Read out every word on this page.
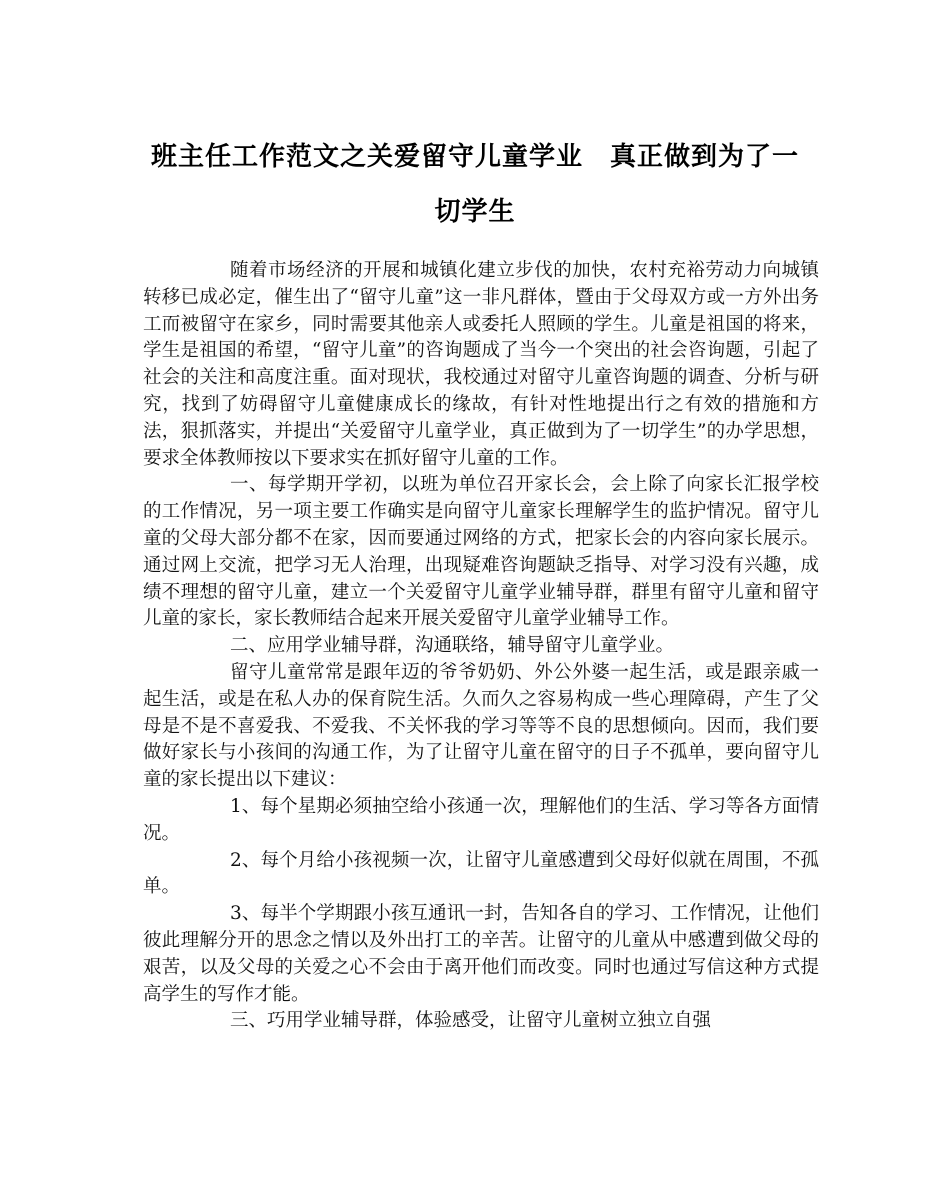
班主任工作范文之关爱留守儿童学业　真正做到为了一
切学生

随着市场经济的开展和城镇化建立步伐的加快，农村充裕劳动力向城镇转移已成必定，催生出了“留守儿童”这一非凡群体，暨由于父母双方或一方外出务工而被留守在家乡，同时需要其他亲人或委托人照顾的学生。儿童是祖国的将来，学生是祖国的希望，“留守儿童”的咨询题成了当今一个突出的社会咨询题，引起了社会的关注和高度注重。面对现状，我校通过对留守儿童咨询题的调查、分析与研究，找到了妨碍留守儿童健康成长的缘故，有针对性地提出行之有效的措施和方法，狠抓落实，并提出“关爱留守儿童学业，真正做到为了一切学生”的办学思想，要求全体教师按以下要求实在抓好留守儿童的工作。

一、每学期开学初，以班为单位召开家长会，会上除了向家长汇报学校的工作情况，另一项主要工作确实是向留守儿童家长理解学生的监护情况。留守儿童的父母大部分都不在家，因而要通过网络的方式，把家长会的内容向家长展示。通过网上交流，把学习无人治理，出现疑难咨询题缺乏指导、对学习没有兴趣，成绩不理想的留守儿童，建立一个关爱留守儿童学业辅导群，群里有留守儿童和留守儿童的家长，家长教师结合起来开展关爱留守儿童学业辅导工作。

二、应用学业辅导群，沟通联络，辅导留守儿童学业。

留守儿童常常是跟年迈的爷爷奶奶、外公外婆一起生活，或是跟亲戚一起生活，或是在私人办的保育院生活。久而久之容易构成一些心理障碍，产生了父母是不是不喜爱我、不爱我、不关怀我的学习等等不良的思想倾向。因而，我们要做好家长与小孩间的沟通工作，为了让留守儿童在留守的日子不孤单，要向留守儿童的家长提出以下建议：

1、每个星期必须抽空给小孩通一次，理解他们的生活、学习等各方面情况。

2、每个月给小孩视频一次，让留守儿童感遭到父母好似就在周围，不孤单。

3、每半个学期跟小孩互通讯一封，告知各自的学习、工作情况，让他们彼此理解分开的思念之情以及外出打工的辛苦。让留守的儿童从中感遭到做父母的艰苦，以及父母的关爱之心不会由于离开他们而改变。同时也通过写信这种方式提高学生的写作才能。

三、巧用学业辅导群，体验感受，让留守儿童树立独立自强
